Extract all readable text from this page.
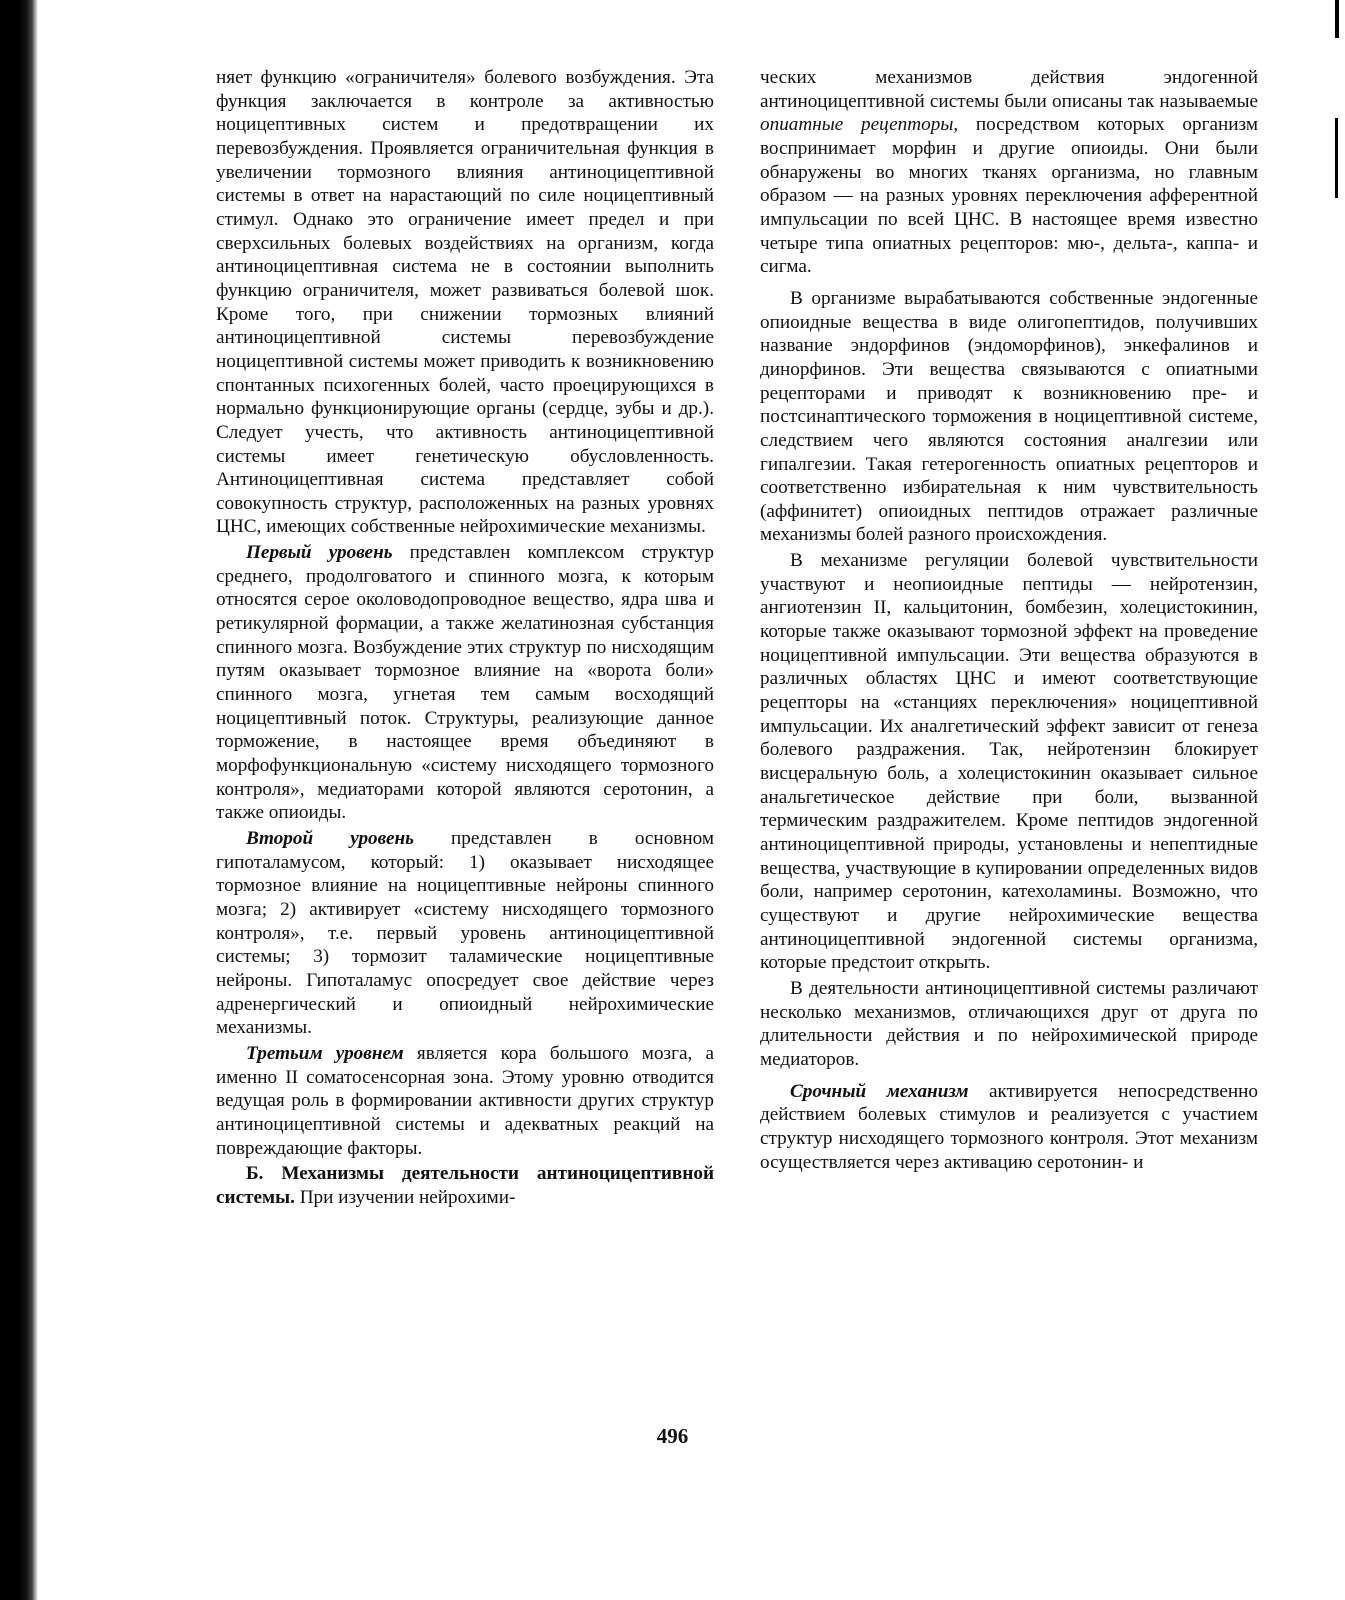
няет функцию «ограничителя» болевого возбуждения. Эта функция заключается в контроле за активностью ноцицептивных систем и предотвращении их перевозбуждения. Проявляется ограничительная функция в увеличении тормозного влияния антиноцицептивной системы в ответ на нарастающий по силе ноцицептивный стимул. Однако это ограничение имеет предел и при сверхсильных болевых воздействиях на организм, когда антиноцицептивная система не в состоянии выполнить функцию ограничителя, может развиваться болевой шок. Кроме того, при снижении тормозных влияний антиноцицептивной системы перевозбуждение ноцицептивной системы может приводить к возникновению спонтанных психогенных болей, часто проецирующихся в нормально функционирующие органы (сердце, зубы и др.). Следует учесть, что активность антиноцицептивной системы имеет генетическую обусловленность. Антиноцицептивная система представляет собой совокупность структур, расположенных на разных уровнях ЦНС, имеющих собственные нейрохимические механизмы.

Первый уровень представлен комплексом структур среднего, продолговатого и спинного мозга, к которым относятся серое околоводопроводное вещество, ядра шва и ретикулярной формации, а также желатинозная субстанция спинного мозга. Возбуждение этих структур по нисходящим путям оказывает тормозное влияние на «ворота боли» спинного мозга, угнетая тем самым восходящий ноцицептивный поток. Структуры, реализующие данное торможение, в настоящее время объединяют в морфофункциональную «систему нисходящего тормозного контроля», медиаторами которой являются серотонин, а также опиоиды.

Второй уровень представлен в основном гипоталамусом, который: 1) оказывает нисходящее тормозное влияние на ноцицептивные нейроны спинного мозга; 2) активирует «систему нисходящего тормозного контроля», т.е. первый уровень антиноцицептивной системы; 3) тормозит таламические ноцицептивные нейроны. Гипоталамус опосредует свое действие через адренергический и опиоидный нейрохимические механизмы.

Третьим уровнем является кора большого мозга, а именно II соматосенсорная зона. Этому уровню отводится ведущая роль в формировании активности других структур антиноцицептивной системы и адекватных реакций на повреждающие факторы.

Б. Механизмы деятельности антиноцицептивной системы. При изучении нейрохими-

ческих механизмов действия эндогенной антиноцицептивной системы были описаны так называемые опиатные рецепторы, посредством которых организм воспринимает морфин и другие опиоиды. Они были обнаружены во многих тканях организма, но главным образом — на разных уровнях переключения афферентной импульсации по всей ЦНС. В настоящее время известно четыре типа опиатных рецепторов: мю-, дельта-, каппа- и сигма.

В организме вырабатываются собственные эндогенные опиоидные вещества в виде олигопептидов, получивших название эндорфинов (эндоморфинов), энкефалинов и динорфинов. Эти вещества связываются с опиатными рецепторами и приводят к возникновению пре- и постсинаптического торможения в ноцицептивной системе, следствием чего являются состояния аналгезии или гипалгезии. Такая гетерогенность опиатных рецепторов и соответственно избирательная к ним чувствительность (аффинитет) опиоидных пептидов отражает различные механизмы болей разного происхождения.

В механизме регуляции болевой чувствительности участвуют и неопиоидные пептиды — нейротензин, ангиотензин II, кальцитонин, бомбезин, холецистокинин, которые также оказывают тормозной эффект на проведение ноцицептивной импульсации. Эти вещества образуются в различных областях ЦНС и имеют соответствующие рецепторы на «станциях переключения» ноцицептивной импульсации. Их аналгетический эффект зависит от генеза болевого раздражения. Так, нейротензин блокирует висцеральную боль, а холецистокинин оказывает сильное анальгетическое действие при боли, вызванной термическим раздражителем. Кроме пептидов эндогенной антиноцицептивной природы, установлены и непептидные вещества, участвующие в купировании определенных видов боли, например серотонин, катехоламины. Возможно, что существуют и другие нейрохимические вещества антиноцицептивной эндогенной системы организма, которые предстоит открыть.

В деятельности антиноцицептивной системы различают несколько механизмов, отличающихся друг от друга по длительности действия и по нейрохимической природе медиаторов.

Срочный механизм активируется непосредственно действием болевых стимулов и реализуется с участием структур нисходящего тормозного контроля. Этот механизм осуществляется через активацию серотонин- и

496
